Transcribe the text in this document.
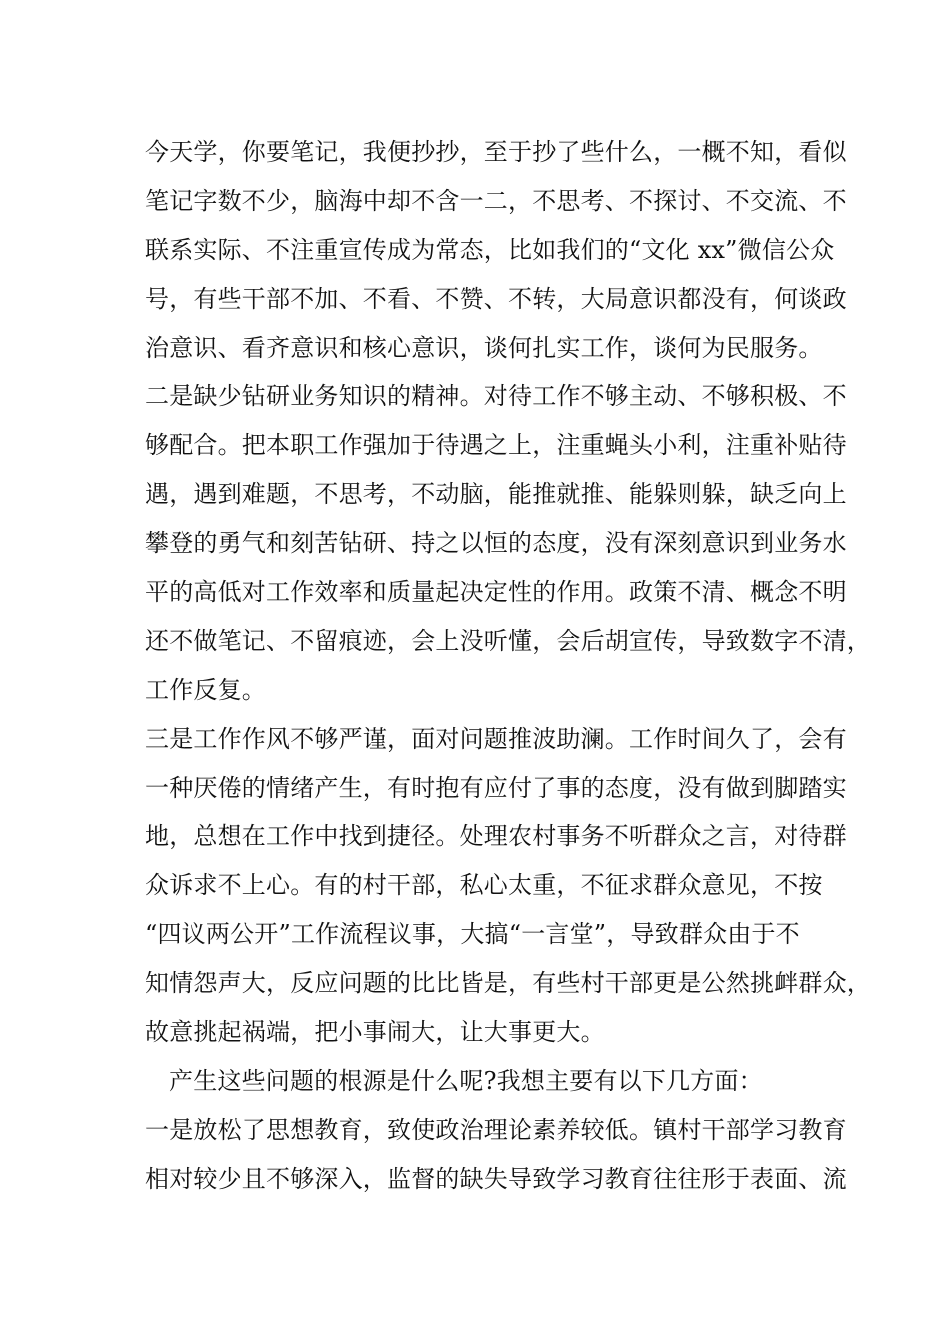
今天学，你要笔记，我便抄抄，至于抄了些什么，一概不知，看似
笔记字数不少，脑海中却不含一二，不思考、不探讨、不交流、不
联系实际、不注重宣传成为常态，比如我们的“文化 xx”微信公众
号，有些干部不加、不看、不赞、不转，大局意识都没有，何谈政
治意识、看齐意识和核心意识，谈何扎实工作，谈何为民服务。
二是缺少钻研业务知识的精神。对待工作不够主动、不够积极、不
够配合。把本职工作强加于待遇之上，注重蝇头小利，注重补贴待
遇，遇到难题，不思考，不动脑，能推就推、能躲则躲，缺乏向上
攀登的勇气和刻苦钻研、持之以恒的态度，没有深刻意识到业务水
平的高低对工作效率和质量起决定性的作用。政策不清、概念不明
还不做笔记、不留痕迹，会上没听懂，会后胡宣传，导致数字不清，
工作反复。
三是工作作风不够严谨，面对问题推波助澜。工作时间久了，会有
一种厌倦的情绪产生，有时抱有应付了事的态度，没有做到脚踏实
地，总想在工作中找到捷径。处理农村事务不听群众之言，对待群
众诉求不上心。有的村干部，私心太重，不征求群众意见，不按
“四议两公开”工作流程议事，大搞“一言堂”，导致群众由于不
知情怨声大，反应问题的比比皆是，有些村干部更是公然挑衅群众，
故意挑起祸端，把小事闹大，让大事更大。
产生这些问题的根源是什么呢?我想主要有以下几方面：
一是放松了思想教育，致使政治理论素养较低。镇村干部学习教育
相对较少且不够深入，监督的缺失导致学习教育往往形于表面、流
